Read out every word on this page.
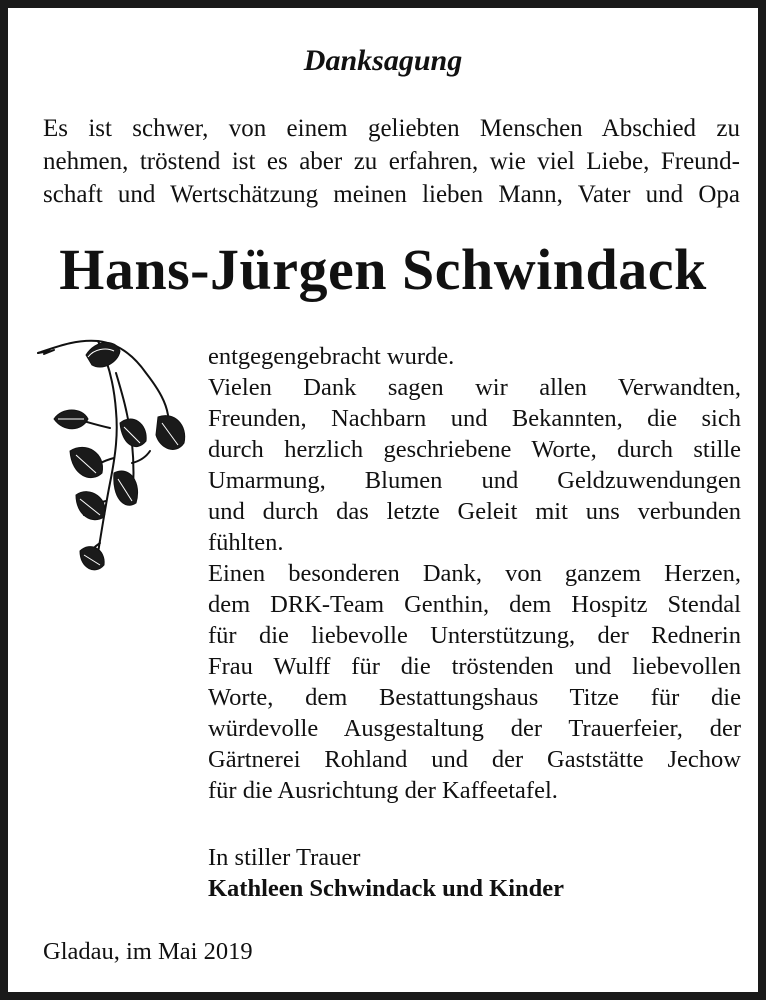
Danksagung
Es ist schwer, von einem geliebten Menschen Abschied zu
nehmen, tröstend ist es aber zu erfahren, wie viel Liebe, Freund-
schaft und Wertschätzung meinen lieben Mann, Vater und Opa
Hans-Jürgen Schwindack
entgegengebracht wurde.
Vielen Dank sagen wir allen Verwandten,
Freunden, Nachbarn und Bekannten, die sich
durch herzlich geschriebene Worte, durch stille
Umarmung, Blumen und Geldzuwendungen
und durch das letzte Geleit mit uns verbunden
fühlten.
Einen besonderen Dank, von ganzem Herzen,
dem DRK-Team Genthin, dem Hospitz Stendal
für die liebevolle Unterstützung, der Rednerin
Frau Wulff für die tröstenden und liebevollen
Worte, dem Bestattungshaus Titze für die
würdevolle Ausgestaltung der Trauerfeier, der
Gärtnerei Rohland und der Gaststätte Jechow
für die Ausrichtung der Kaffeetafel.
In stiller Trauer
Kathleen Schwindack und Kinder
Gladau, im Mai 2019
